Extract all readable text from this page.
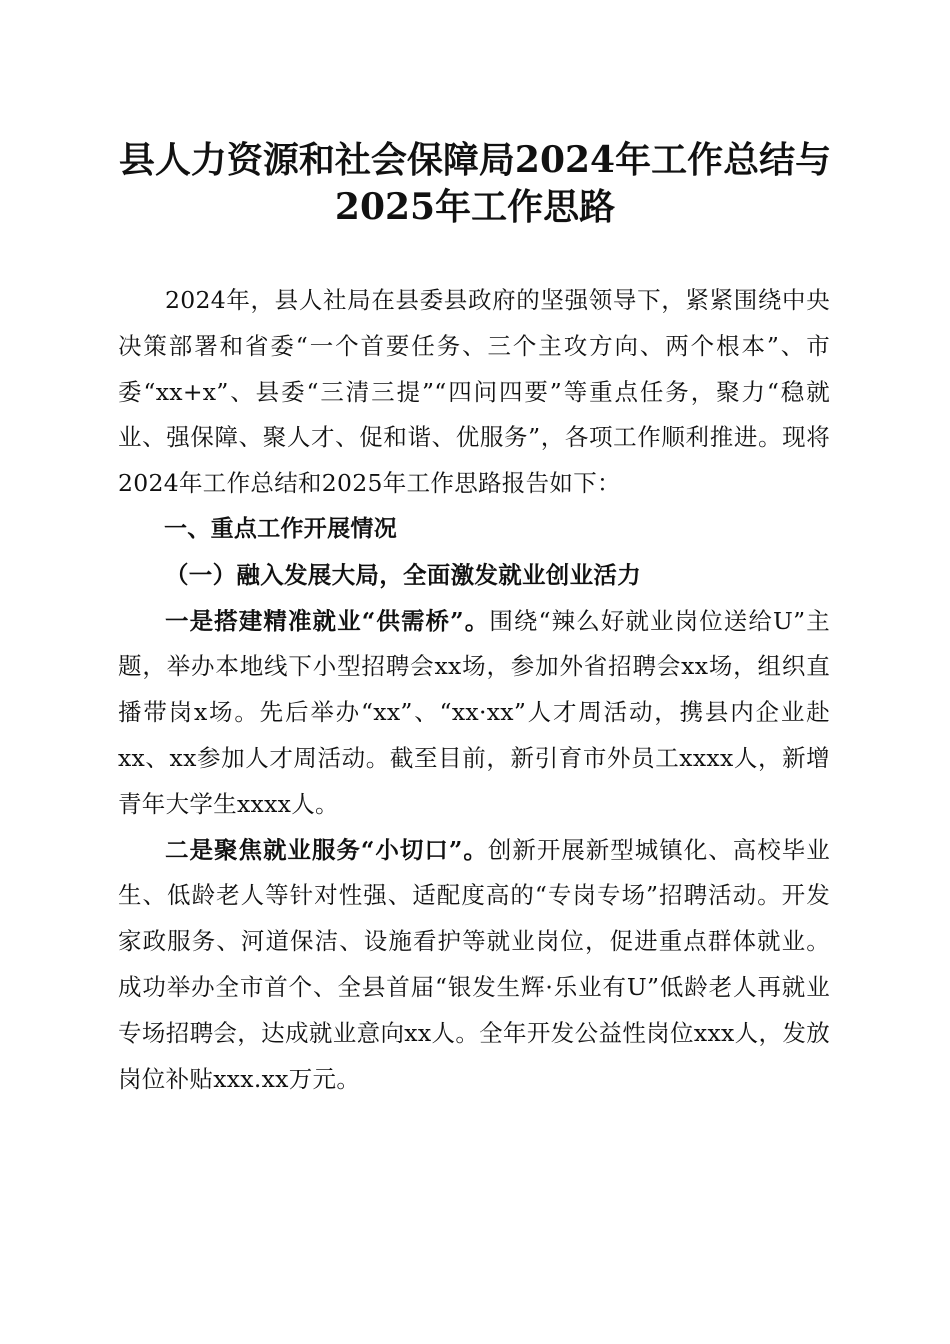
县人力资源和社会保障局2024年工作总结与
2025年工作思路

2024年，县人社局在县委县政府的坚强领导下，紧紧围绕中央决策部署和省委“一个首要任务、三个主攻方向、两个根本”、市委“xx+x”、县委“三清三提”“四问四要”等重点任务，聚力“稳就业、强保障、聚人才、促和谐、优服务”，各项工作顺利推进。现将2024年工作总结和2025年工作思路报告如下：

一、重点工作开展情况

（一）融入发展大局，全面激发就业创业活力

一是搭建精准就业“供需桥”。围绕“辣么好就业岗位送给U”主题，举办本地线下小型招聘会xx场，参加外省招聘会xx场，组织直播带岗x场。先后举办“xx”、“xx·xx”人才周活动，携县内企业赴xx、xx参加人才周活动。截至目前，新引育市外员工xxxx人，新增青年大学生xxxx人。

二是聚焦就业服务“小切口”。创新开展新型城镇化、高校毕业生、低龄老人等针对性强、适配度高的“专岗专场”招聘活动。开发家政服务、河道保洁、设施看护等就业岗位，促进重点群体就业。成功举办全市首个、全县首届“银发生辉·乐业有U”低龄老人再就业专场招聘会，达成就业意向xx人。全年开发公益性岗位xxx人，发放岗位补贴xxx.xx万元。
